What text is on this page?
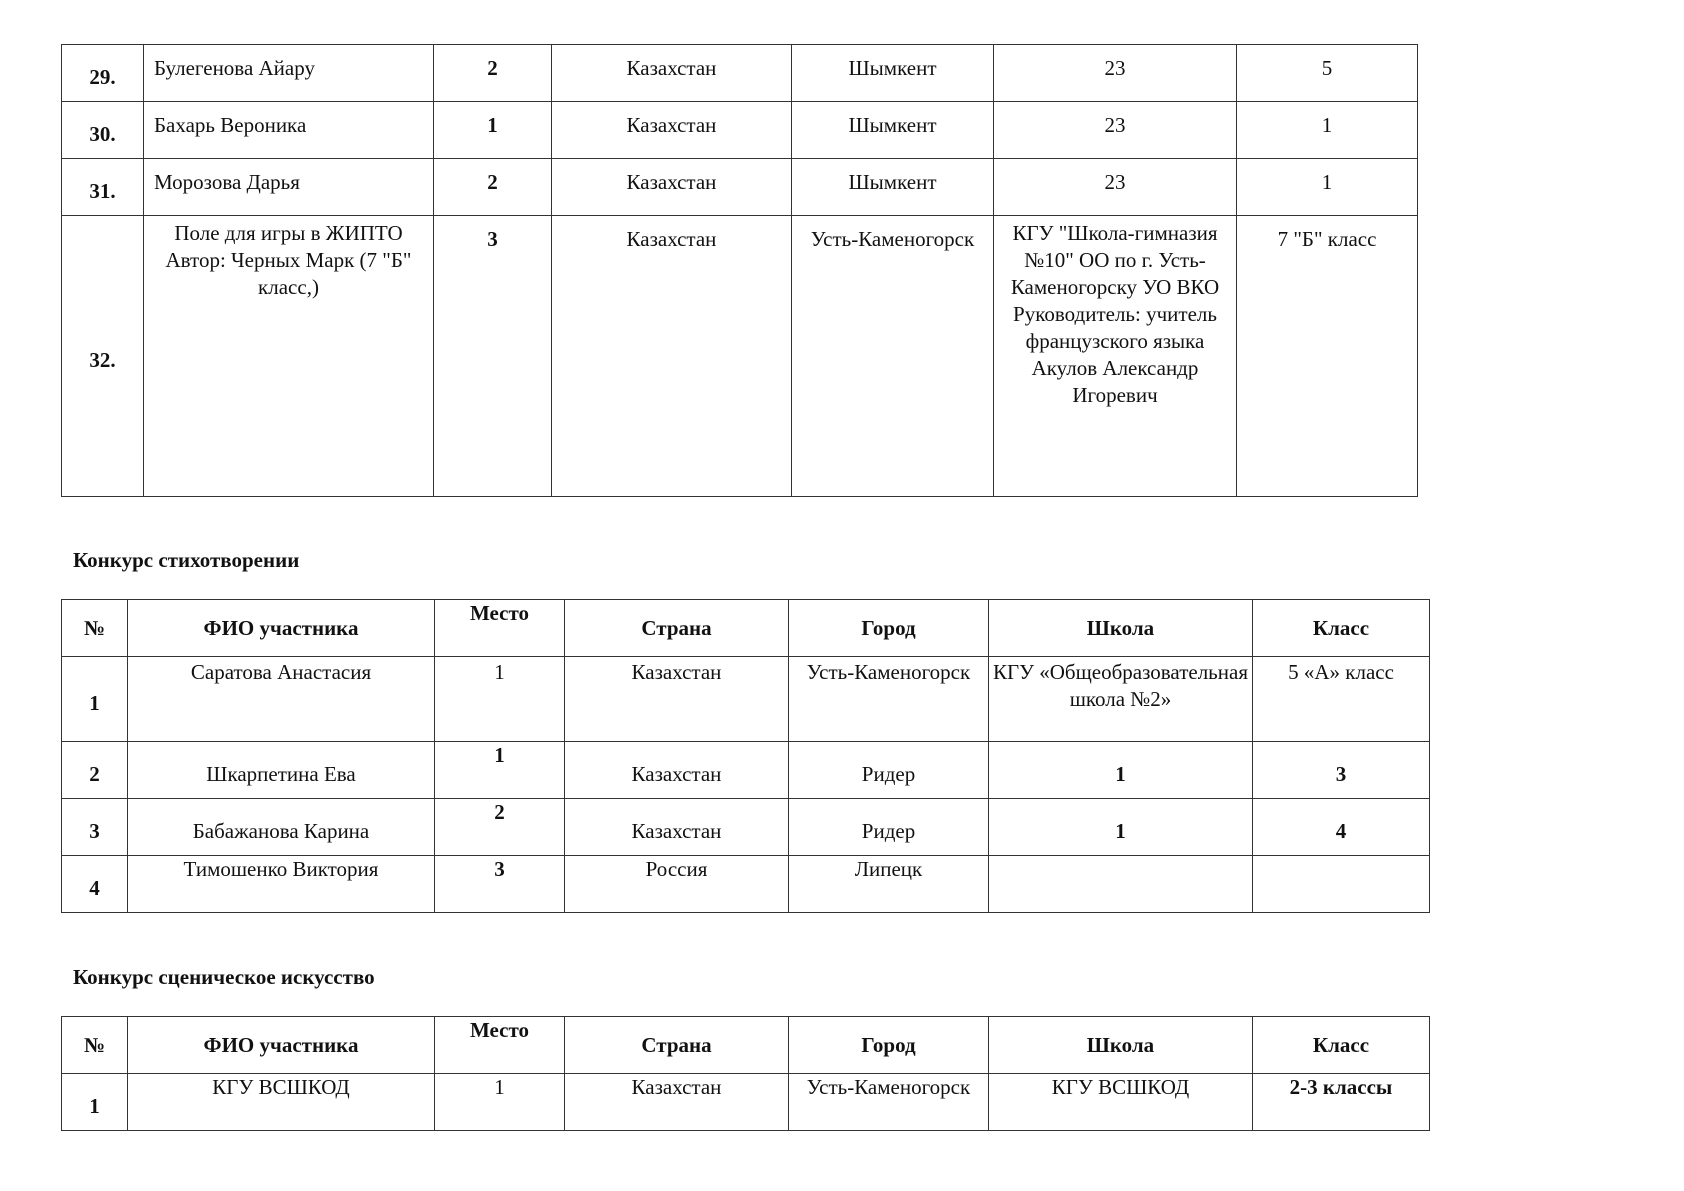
29.	Булегенова Айару	2	Казахстан	Шымкент	23	5
30.	Бахарь Вероника	1	Казахстан	Шымкент	23	1
31.	Морозова Дарья	2	Казахстан	Шымкент	23	1
32.	Поле для игры в ЖИПТО Автор: Черных Марк (7 "Б" класс,)	3	Казахстан	Усть-Каменогорск	КГУ "Школа-гимназия №10" ОО по г. Усть-Каменогорску УО ВКО Руководитель: учитель французского языка Акулов Александр Игоревич	7 "Б" класс
Конкурс стихотворении
№	ФИО участника	Место	Страна	Город	Школа	Класс
1	Саратова Анастасия	1	Казахстан	Усть-Каменогорск	КГУ «Общеобразовательная школа №2»	5 «А» класс
2	Шкарпетина Ева	1	Казахстан	Ридер	1	3
3	Бабажанова Карина	2	Казахстан	Ридер	1	4
4	Тимошенко Виктория	3	Россия	Липецк		
Конкурс сценическое искусство
№	ФИО участника	Место	Страна	Город	Школа	Класс
1	КГУ ВСШКОД	1	Казахстан	Усть-Каменогорск	КГУ ВСШКОД	2-3 классы
